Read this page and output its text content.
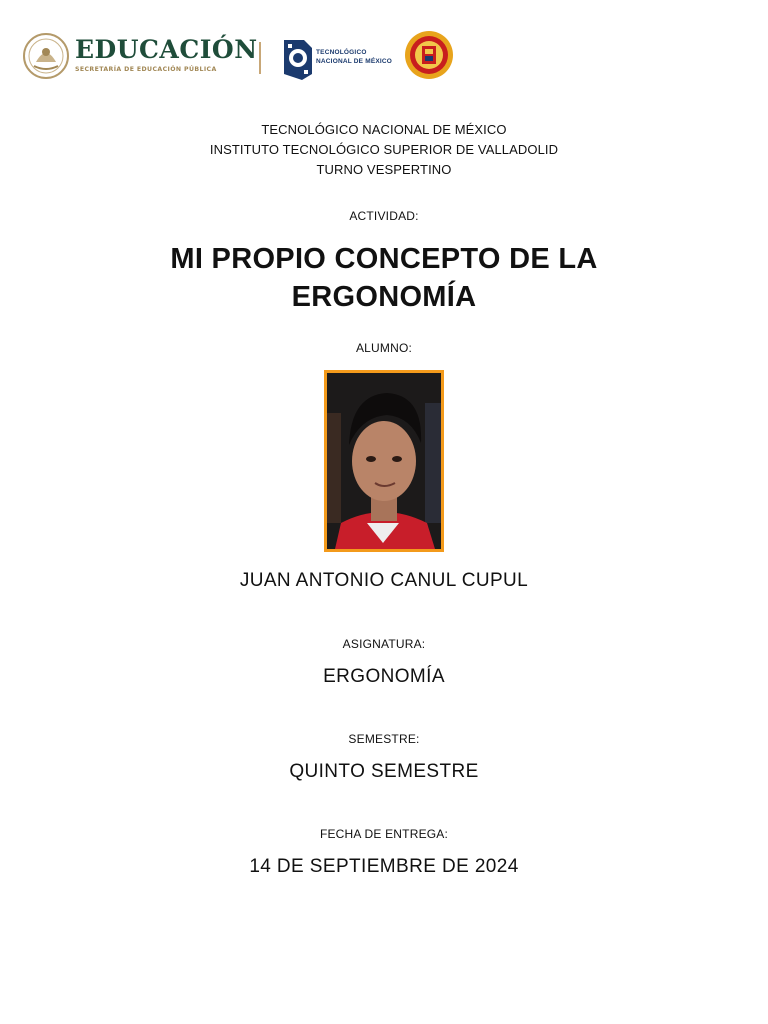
EDUCACIÓN
SECRETARÍA DE EDUCACIÓN PÚBLICA
TECNOLÓGICO
NACIONAL DE MÉXICO
TECNOLÓGICO NACIONAL DE MÉXICO
INSTITUTO TECNOLÓGICO SUPERIOR DE VALLADOLID
TURNO VESPERTINO
ACTIVIDAD:
MI PROPIO CONCEPTO DE LA
ERGONOMÍA
ALUMNO:
JUAN ANTONIO CANUL CUPUL
ASIGNATURA:
ERGONOMÍA
SEMESTRE:
QUINTO SEMESTRE
FECHA DE ENTREGA:
14 DE SEPTIEMBRE DE 2024
